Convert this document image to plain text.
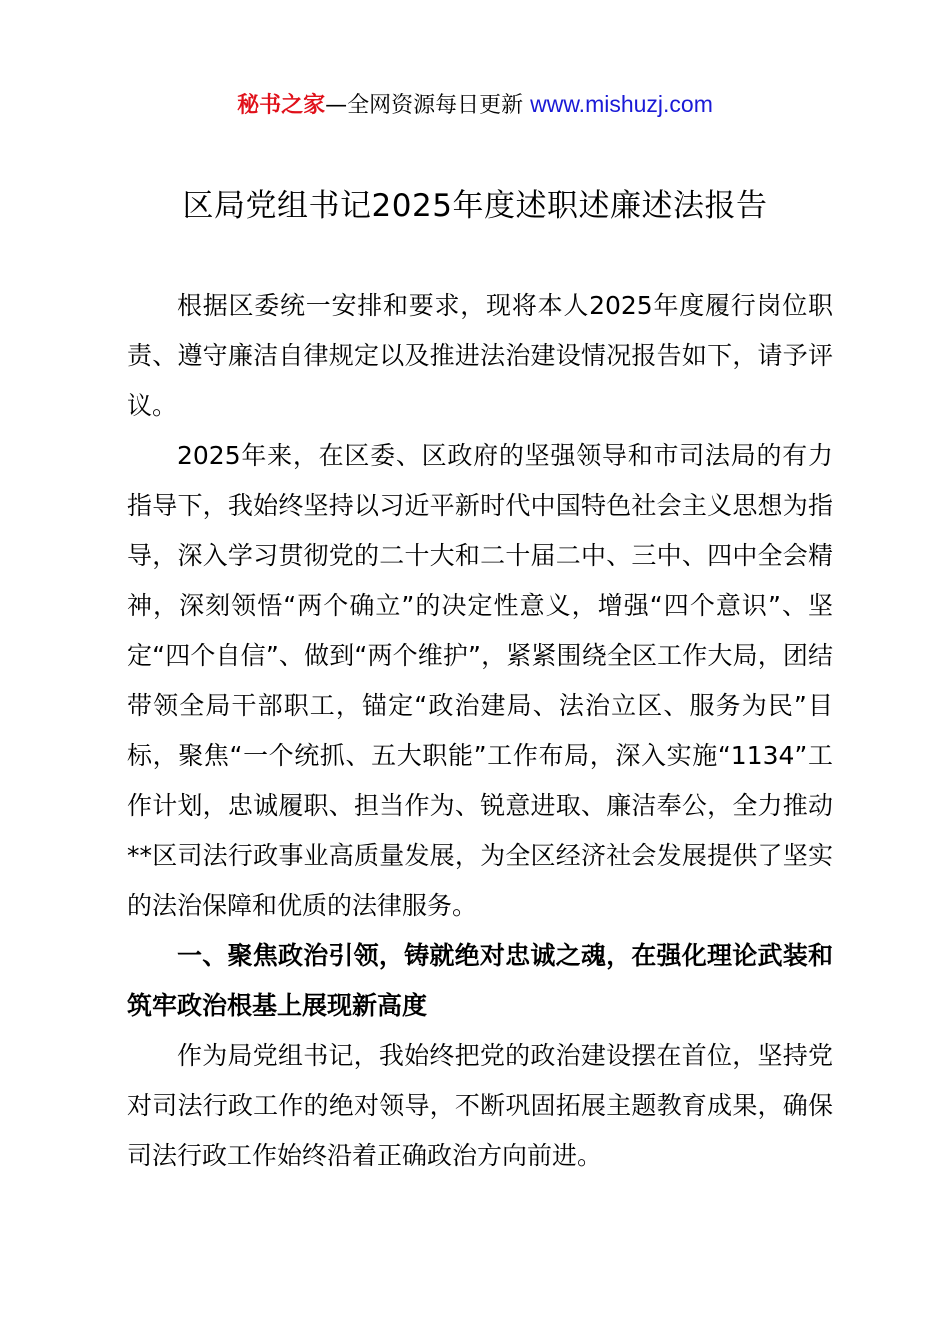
秘书之家—全网资源每日更新 www.mishuzj.com
区局党组书记2025年度述职述廉述法报告

根据区委统一安排和要求，现将本人2025年度履行岗位职责、遵守廉洁自律规定以及推进法治建设情况报告如下，请予评议。

2025年来，在区委、区政府的坚强领导和市司法局的有力指导下，我始终坚持以习近平新时代中国特色社会主义思想为指导，深入学习贯彻党的二十大和二十届二中、三中、四中全会精神，深刻领悟“两个确立”的决定性意义，增强“四个意识”、坚定“四个自信”、做到“两个维护”，紧紧围绕全区工作大局，团结带领全局干部职工，锚定“政治建局、法治立区、服务为民”目标，聚焦“一个统抓、五大职能”工作布局，深入实施“1134”工作计划，忠诚履职、担当作为、锐意进取、廉洁奉公，全力推动**区司法行政事业高质量发展，为全区经济社会发展提供了坚实的法治保障和优质的法律服务。

一、聚焦政治引领，铸就绝对忠诚之魂，在强化理论武装和筑牢政治根基上展现新高度

作为局党组书记，我始终把党的政治建设摆在首位，坚持党对司法行政工作的绝对领导，不断巩固拓展主题教育成果，确保司法行政工作始终沿着正确政治方向前进。
